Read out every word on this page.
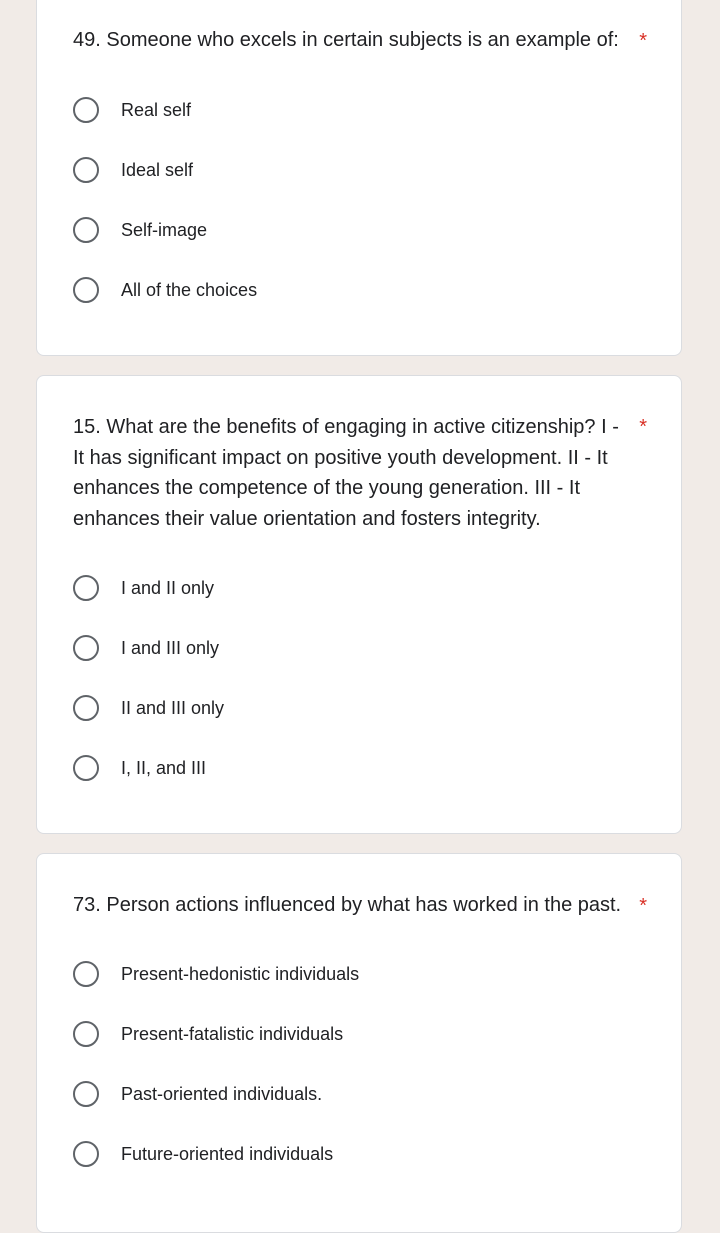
49. Someone who excels in certain subjects is an example of:	*
Real self
Ideal self
Self-image
All of the choices

15. What are the benefits of engaging in active citizenship? I - It has significant impact on positive youth development. II - It enhances the competence of the young generation. III - It enhances their value orientation and fosters integrity.

*
I and II only
I and III only
II and III only
I, II, and III

73. Person actions influenced by what has worked in the past. *
Present-hedonistic individuals
Present-fatalistic individuals
Past-oriented individuals.
Future-oriented individuals
